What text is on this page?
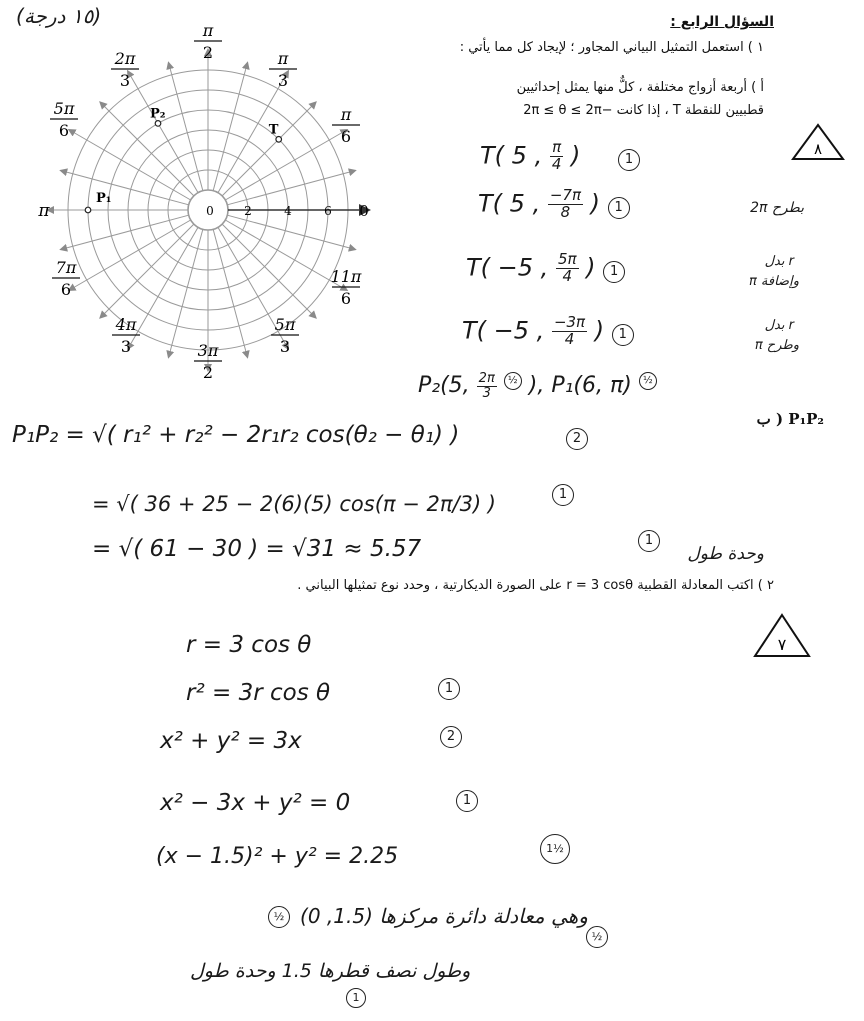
(١٥ درجة)	السؤال الرابع :
١ ) استعمل التمثيل البياني المجاور ؛ لإيجاد كل مما يأتي :
أ ) أربعة أزواج مختلفة ، كلٌّ منها يمثل إحداثيين
قطبيين للنقطة T ، إذا كانت −2π ≤ θ ≤ 2π
٨
0	2	4	6
π
2	π
3
2π
3
π
6
5π
6
7π
6
11π
6
4π
3
5π
3
3π
2
π	0
P₁
P₂
T
T( 5 , $\frac{\pi}{4}$ )	1
T( 5 , $\frac{-7\pi}{8}$ ) 1	بطرح 2π
T( −5 , $\frac{5\pi}{4}$ ) 1
r بدل
وإضافة π
T( −5 , $\frac{-3\pi}{4}$ ) 1
r بدل
وطرح π
P₂(5, $\frac{2\pi}{3}$ ½ ), P₁(6, π) ½
ب ) P₁P₂
P₁P₂ = √( r₁² + r₂² − 2r₁r₂ cos(θ₂ − θ₁) )	2
= √( 36 + 25 − 2(6)(5) cos(π − 2π/3) )	1
= √( 61 − 30 ) = √31 ≈ 5.57	1
وحدة طول
٢ ) اكتب المعادلة القطبية r = 3 cosθ على الصورة الديكارتية ، وحدد نوع تمثيلها البياني .
٧
r = 3 cos θ
r² = 3r cos θ	1
x² + y² = 3x	2
x² − 3x + y² = 0	1
(x − 1.5)² + y² = 2.25	1½
وهي معادلة دائرة مركزها (1.5, 0)
½
½
وطول نصف قطرها 1.5 وحدة طول
1
